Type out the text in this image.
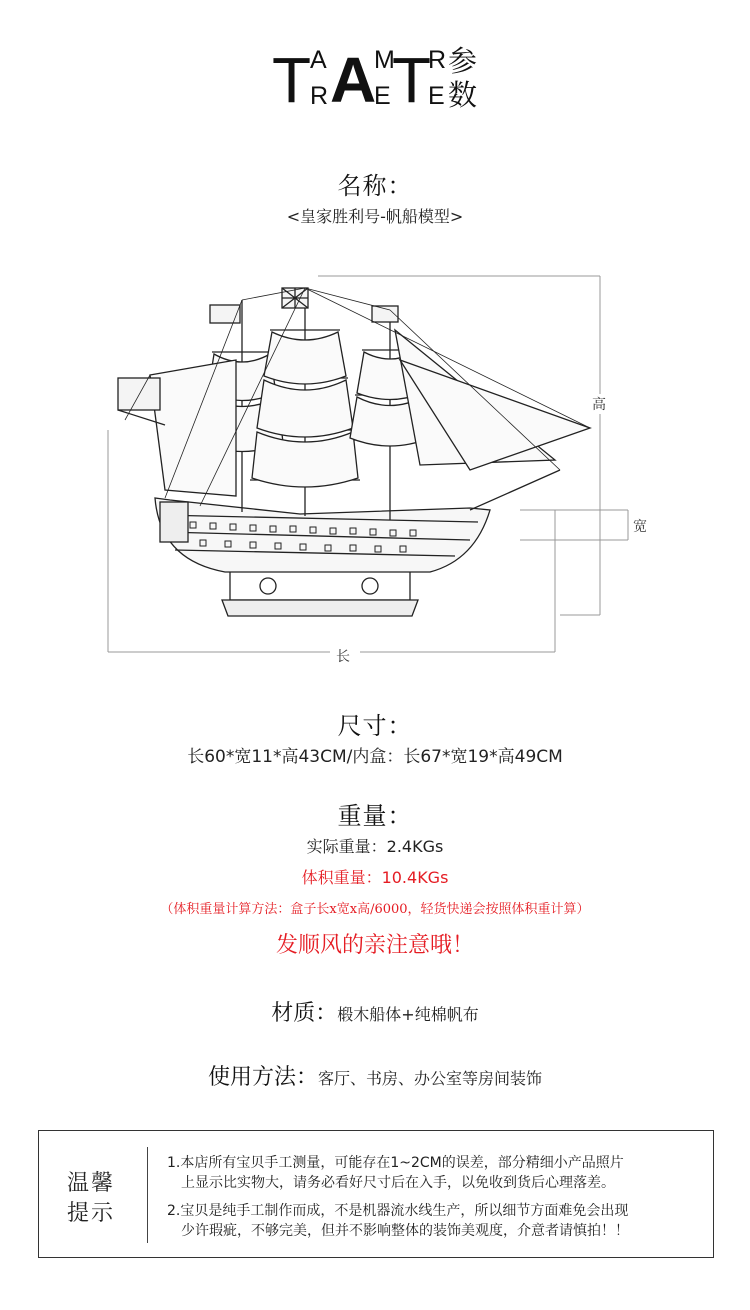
T
A
R A
M
E T
R
E
参
数
名称：
<皇家胜利号-帆船模型>
高
宽
长
尺寸：
长60*宽11*高43CM/内盒：长67*宽19*高49CM
重量：
实际重量：2.4KGs
体积重量：10.4KGs
（体积重量计算方法：盒子长x宽x高/6000，轻货快递会按照体积重计算）
发顺风的亲注意哦！
材质：椴木船体+纯棉帆布
使用方法：客厅、书房、办公室等房间装饰
温馨
提示
1.本店所有宝贝手工测量，可能存在1~2CM的误差，部分精细小产品照片
上显示比实物大，请务必看好尺寸后在入手，以免收到货后心理落差。
2.宝贝是纯手工制作而成，不是机器流水线生产，所以细节方面难免会出现
少许瑕疵，不够完美，但并不影响整体的装饰美观度，介意者请慎拍！！
